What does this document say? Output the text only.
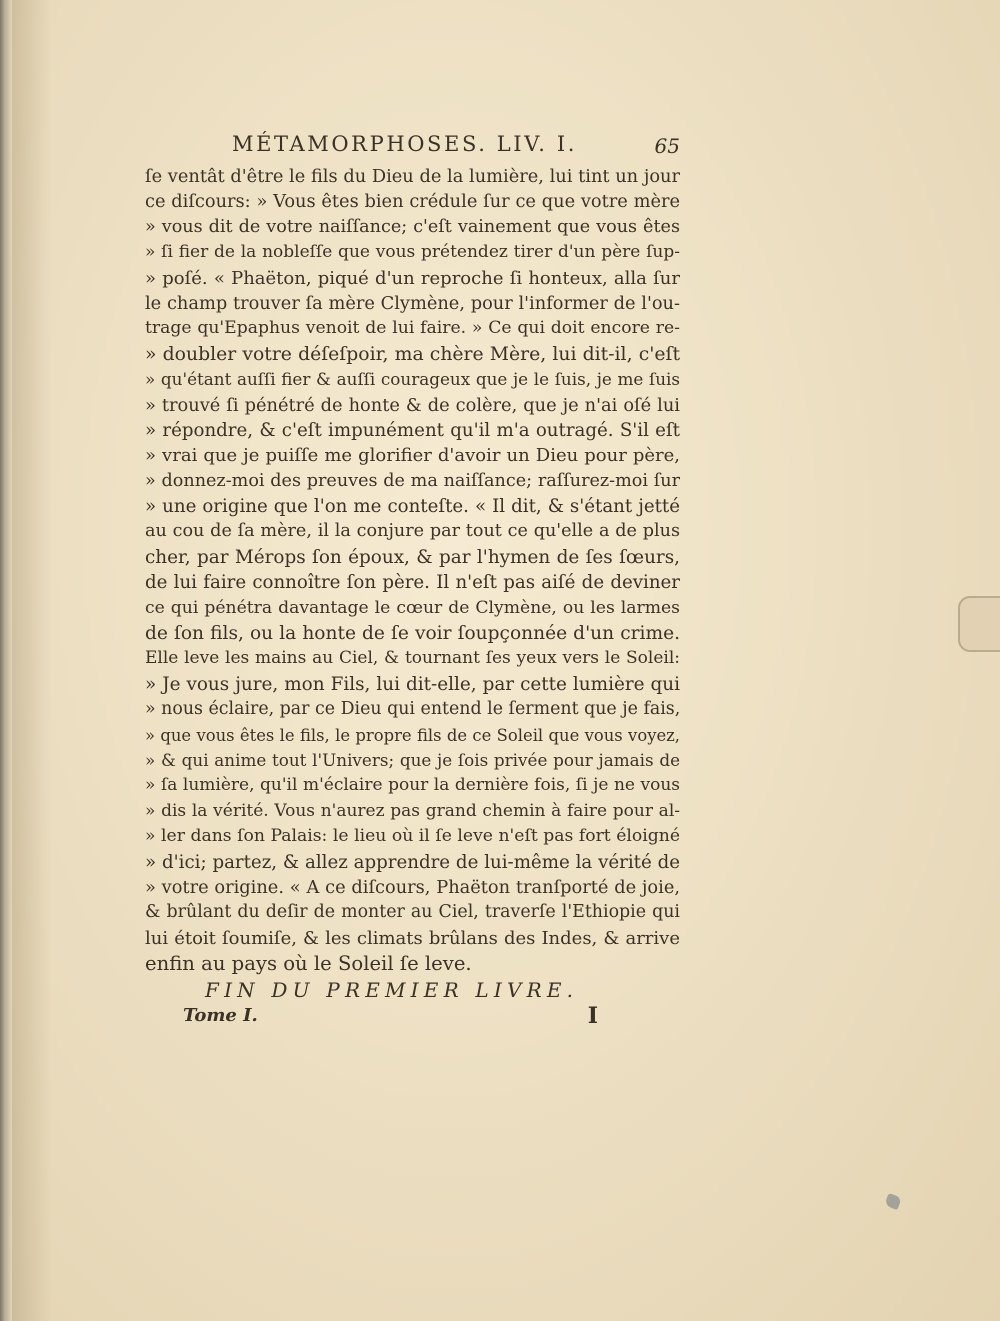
MÉTAMORPHOSES. LIV. I.	65
ſe ventât d'être le fils du Dieu de la lumière, lui tint un jour
ce diſcours: » Vous êtes bien crédule ſur ce que votre mère
» vous dit de votre naiſſance; c'eſt vainement que vous êtes
» ſi fier de la nobleſſe que vous prétendez tirer d'un père ſup-
» poſé. « Phaëton, piqué d'un reproche ſi honteux, alla ſur
le champ trouver ſa mère Clymène, pour l'informer de l'ou-
trage qu'Epaphus venoit de lui faire. » Ce qui doit encore re-
» doubler votre déſeſpoir, ma chère Mère, lui dit-il, c'eſt
» qu'étant auſſi fier & auſſi courageux que je le ſuis, je me ſuis
» trouvé ſi pénétré de honte & de colère, que je n'ai oſé lui
» répondre, & c'eſt impunément qu'il m'a outragé. S'il eſt
» vrai que je puiſſe me glorifier d'avoir un Dieu pour père,
» donnez-moi des preuves de ma naiſſance; raſſurez-moi ſur
» une origine que l'on me conteſte. « Il dit, & s'étant jetté
au cou de ſa mère, il la conjure par tout ce qu'elle a de plus
cher, par Mérops ſon époux, & par l'hymen de ſes ſœurs,
de lui faire connoître ſon père. Il n'eſt pas aiſé de deviner
ce qui pénétra davantage le cœur de Clymène, ou les larmes
de ſon fils, ou la honte de ſe voir ſoupçonnée d'un crime.
Elle leve les mains au Ciel, & tournant ſes yeux vers le Soleil:
» Je vous jure, mon Fils, lui dit-elle, par cette lumière qui
» nous éclaire, par ce Dieu qui entend le ſerment que je fais,
» que vous êtes le fils, le propre fils de ce Soleil que vous voyez,
» & qui anime tout l'Univers; que je ſois privée pour jamais de
» ſa lumière, qu'il m'éclaire pour la dernière fois, ſi je ne vous
» dis la vérité. Vous n'aurez pas grand chemin à faire pour al-
» ler dans ſon Palais: le lieu où il ſe leve n'eſt pas fort éloigné
» d'ici; partez, & allez apprendre de lui-même la vérité de
» votre origine. « A ce diſcours, Phaëton tranſporté de joie,
& brûlant du deſir de monter au Ciel, traverſe l'Ethiopie qui
lui étoit ſoumiſe, & les climats brûlans des Indes, & arrive
enfin au pays où le Soleil ſe leve.
FIN DU PREMIER LIVRE.
Tome I.	I
